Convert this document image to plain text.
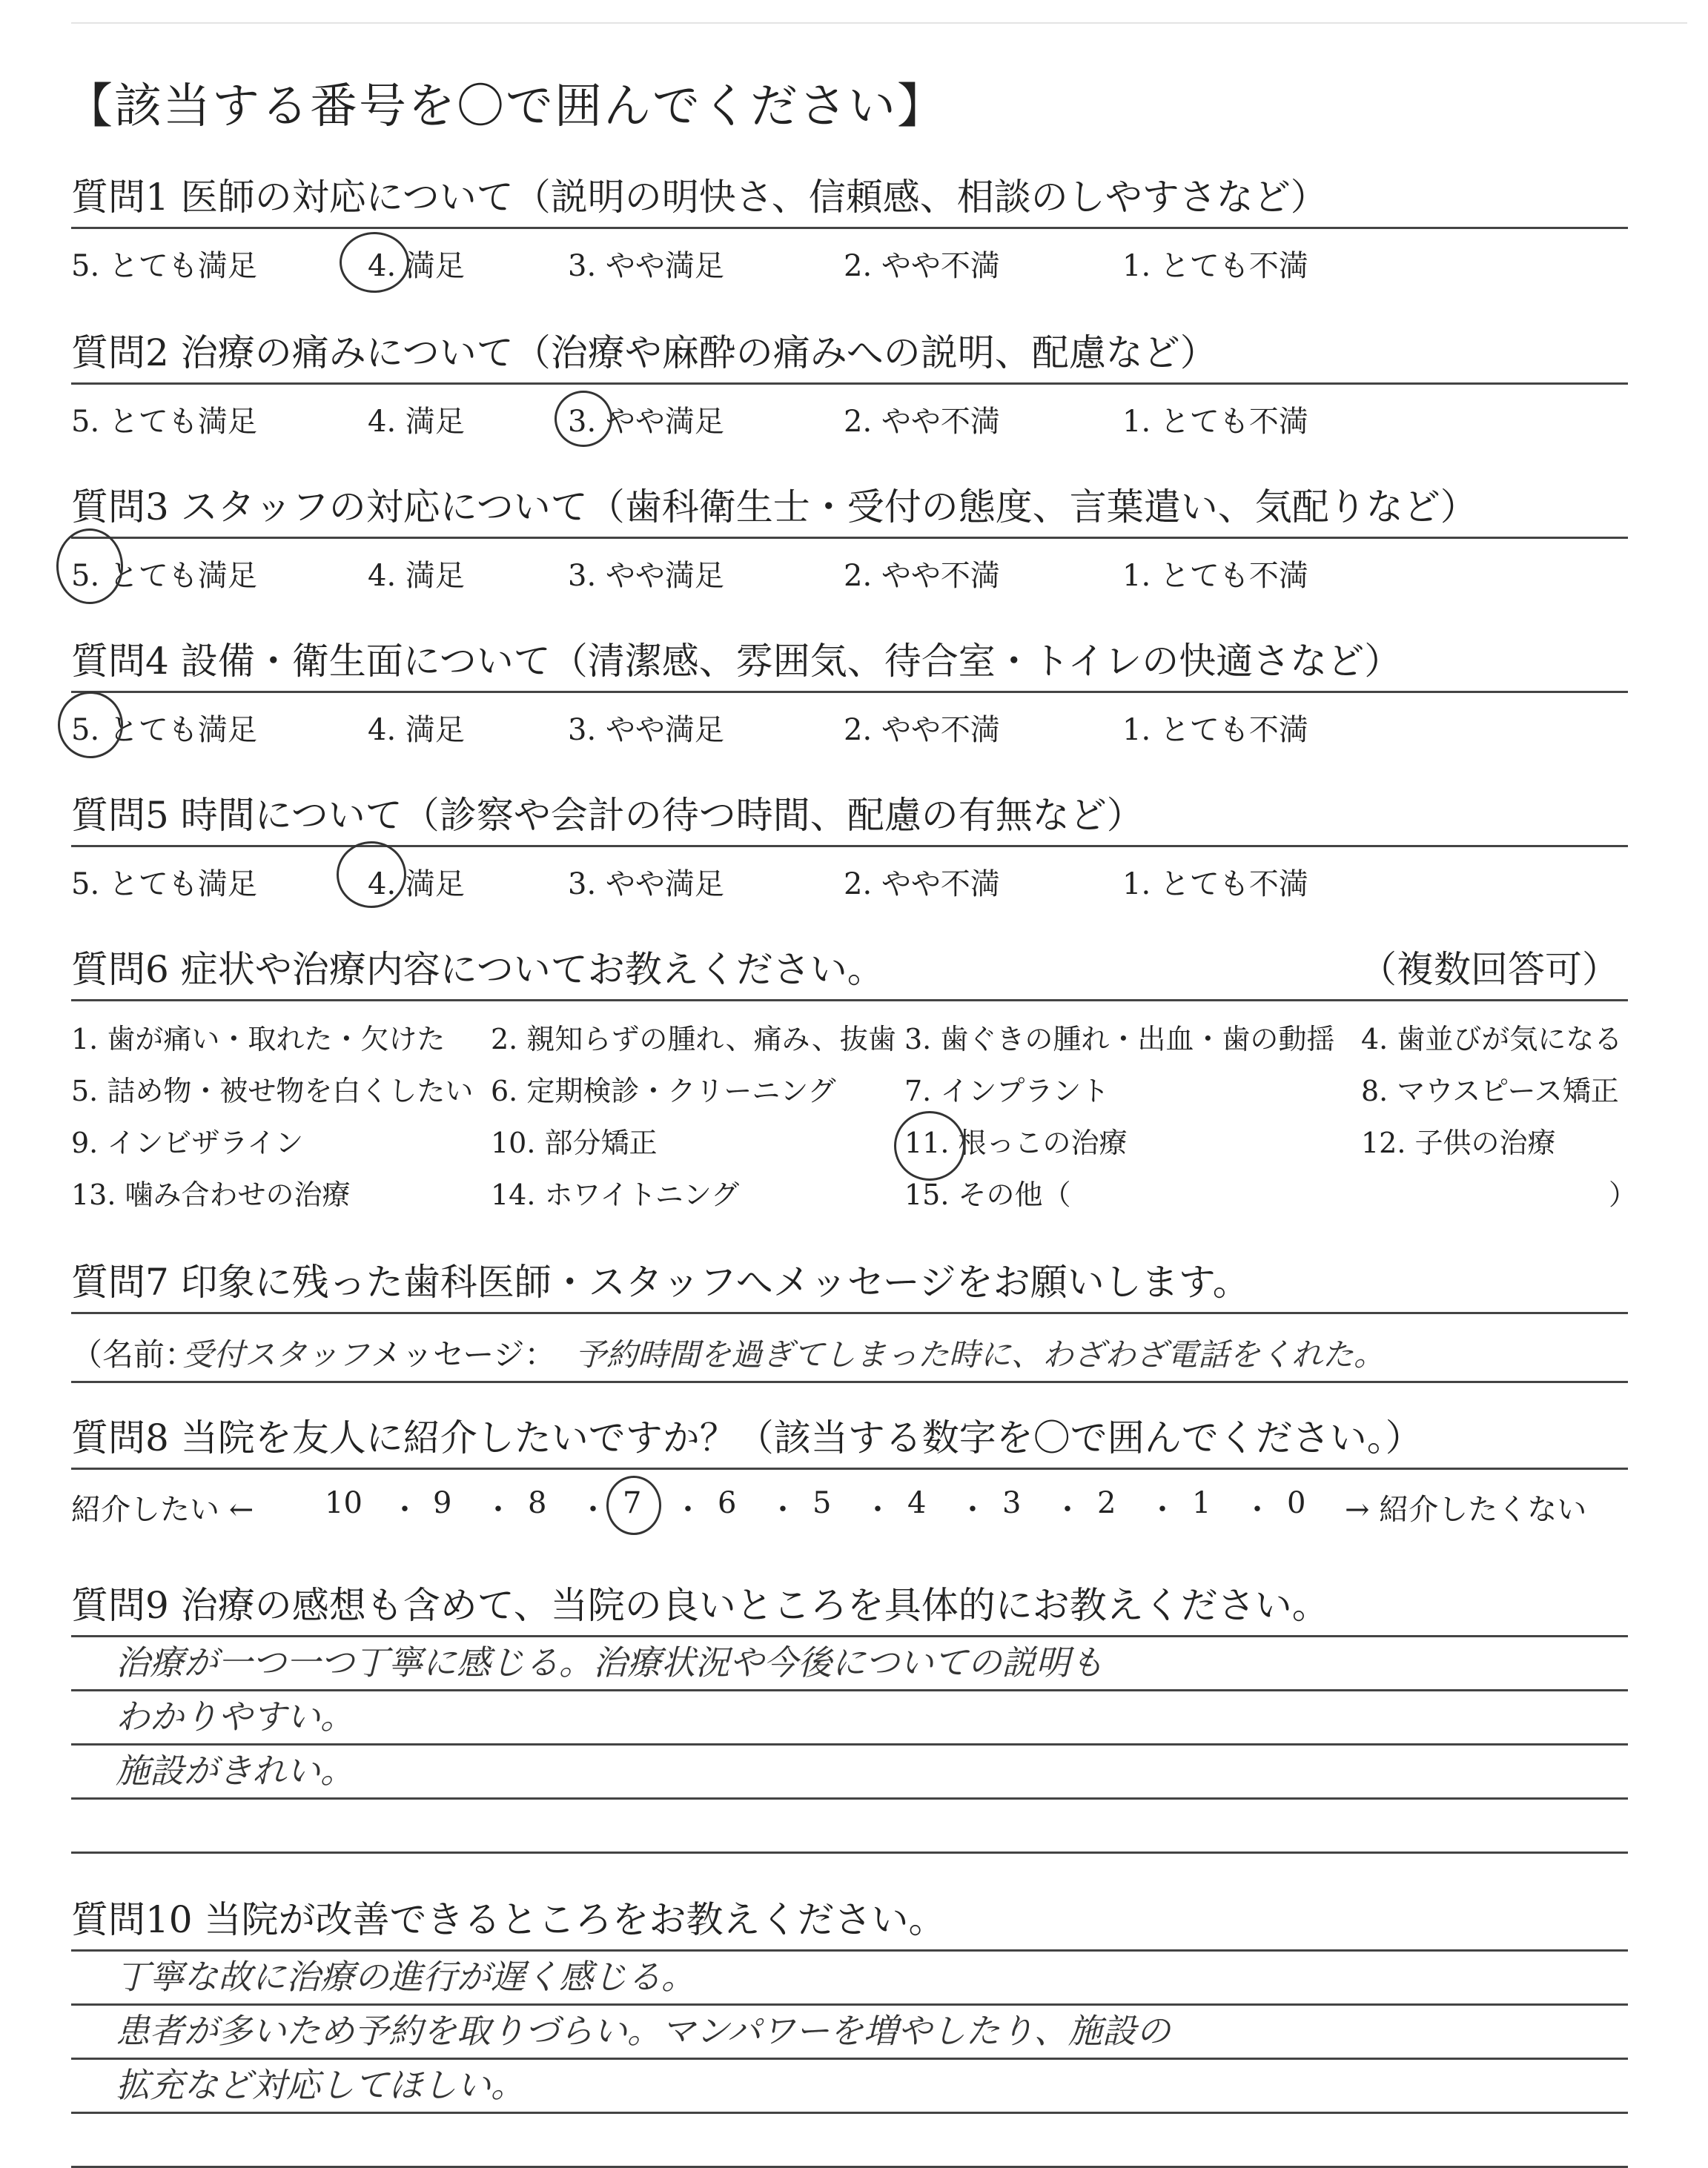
【該当する番号を〇で囲んでください】
質問1 医師の対応について（説明の明快さ、信頼感、相談のしやすさなど）
5. とても満足	4. 満足	3. やや満足	2. やや不満	1. とても不満
質問2 治療の痛みについて（治療や麻酔の痛みへの説明、配慮など）
5. とても満足	4. 満足	3. やや満足	2. やや不満	1. とても不満
質問3 スタッフの対応について（歯科衛生士・受付の態度、言葉遣い、気配りなど）
5. とても満足	4. 満足	3. やや満足	2. やや不満	1. とても不満
質問4 設備・衛生面について（清潔感、雰囲気、待合室・トイレの快適さなど）
5. とても満足	4. 満足	3. やや満足	2. やや不満	1. とても不満
質問5 時間について（診察や会計の待つ時間、配慮の有無など）
5. とても満足	4. 満足	3. やや満足	2. やや不満	1. とても不満
質問6 症状や治療内容についてお教えください。	（複数回答可）
1. 歯が痛い・取れた・欠けた 2. 親知らずの腫れ、痛み、抜歯 3. 歯ぐきの腫れ・出血・歯の動揺 4. 歯並びが気になる
5. 詰め物・被せ物を白くしたい 6. 定期検診・クリーニング 7. インプラント	8. マウスピース矯正
9. インビザライン	10. 部分矯正	11. 根っこの治療	12. 子供の治療
13. 噛み合わせの治療	14. ホワイトニング	15. その他（	）
質問7 印象に残った歯科医師・スタッフへメッセージをお願いします。
（名前：
受付スタッフ メッセージ： 予約時間を過ぎてしまった時に、わざわざ電話をくれた。
質問8 当院を友人に紹介したいですか？（該当する数字を〇で囲んでください。）
紹介したい ← 10 ・ 9 ・ 8 ・ 7 ・ 6 ・ 5 ・ 4 ・ 3 ・ 2 ・ 1 ・ 0 → 紹介したくない
質問9 治療の感想も含めて、当院の良いところを具体的にお教えください。
治療が一つ一つ丁寧に感じる。治療状況や今後についての説明も
わかりやすい。
施設がきれい。
質問10 当院が改善できるところをお教えください。
丁寧な故に治療の進行が遅く感じる。
患者が多いため予約を取りづらい。マンパワーを増やしたり、施設の
拡充など対応してほしい。
